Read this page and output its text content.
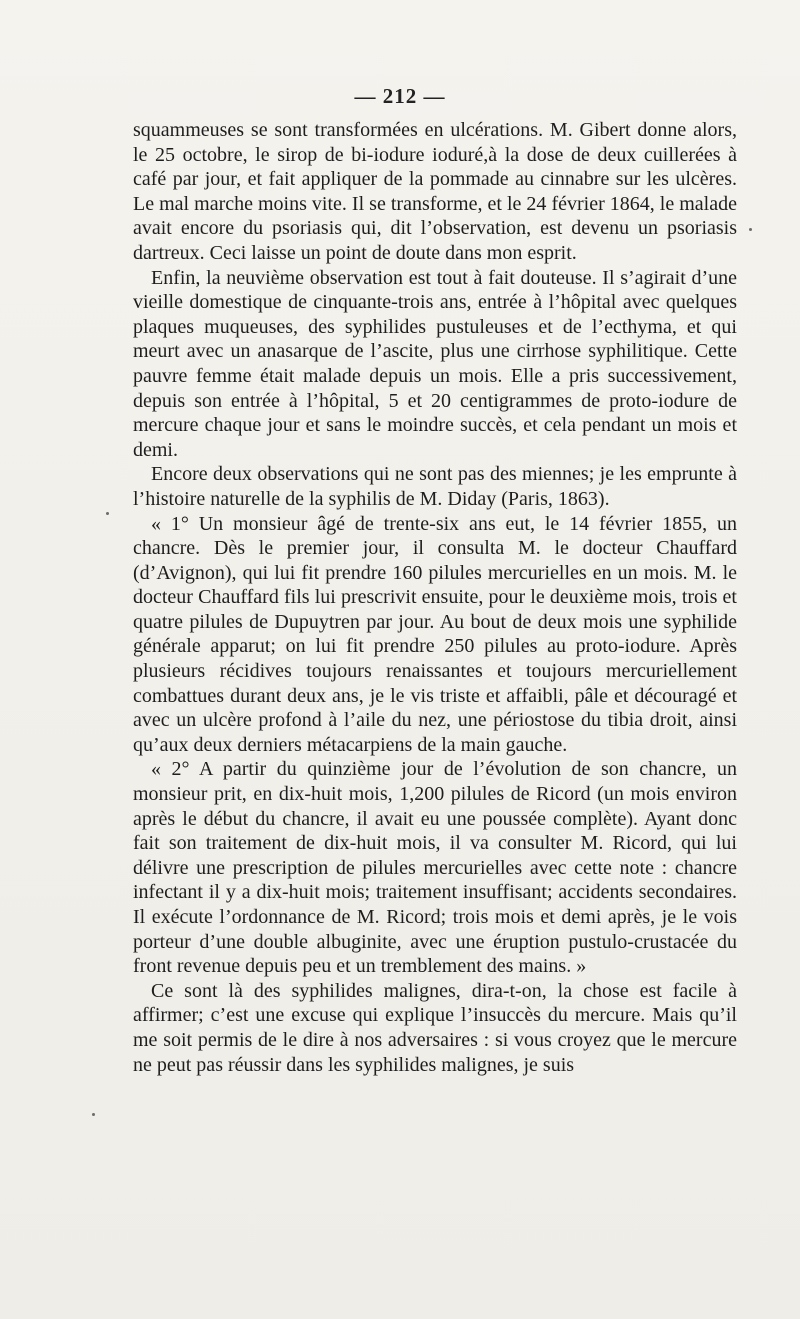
— 212 —

squammeuses se sont transformées en ulcérations. M. Gibert donne alors, le 25 octobre, le sirop de bi-iodure ioduré,à la dose de deux cuillerées à café par jour, et fait appliquer de la pommade au cinnabre sur les ulcères. Le mal marche moins vite. Il se transforme, et le 24 février 1864, le malade avait encore du psoriasis qui, dit l’observation, est devenu un psoriasis dartreux. Ceci laisse un point de doute dans mon esprit.

Enfin, la neuvième observation est tout à fait douteuse. Il s’agirait d’une vieille domestique de cinquante-trois ans, entrée à l’hôpital avec quelques plaques muqueuses, des syphilides pustuleuses et de l’ecthyma, et qui meurt avec un anasarque de l’ascite, plus une cirrhose syphilitique. Cette pauvre femme était malade depuis un mois. Elle a pris successivement, depuis son entrée à l’hôpital, 5 et 20 centigrammes de proto-iodure de mercure chaque jour et sans le moindre succès, et cela pendant un mois et demi.

Encore deux observations qui ne sont pas des miennes; je les emprunte à l’histoire naturelle de la syphilis de M. Diday (Paris, 1863).

« 1° Un monsieur âgé de trente-six ans eut, le 14 février 1855, un chancre. Dès le premier jour, il consulta M. le docteur Chauffard (d’Avignon), qui lui fit prendre 160 pilules mercurielles en un mois. M. le docteur Chauffard fils lui prescrivit ensuite, pour le deuxième mois, trois et quatre pilules de Dupuytren par jour. Au bout de deux mois une syphilide générale apparut; on lui fit prendre 250 pilules au proto-iodure. Après plusieurs récidives toujours renaissantes et toujours mercuriellement combattues durant deux ans, je le vis triste et affaibli, pâle et découragé et avec un ulcère profond à l’aile du nez, une périostose du tibia droit, ainsi qu’aux deux derniers métacarpiens de la main gauche.

« 2° A partir du quinzième jour de l’évolution de son chancre, un monsieur prit, en dix-huit mois, 1,200 pilules de Ricord (un mois environ après le début du chancre, il avait eu une poussée complète). Ayant donc fait son traitement de dix-huit mois, il va consulter M. Ricord, qui lui délivre une prescription de pilules mercurielles avec cette note : chancre infectant il y a dix-huit mois; traitement insuffisant; accidents secondaires. Il exécute l’ordonnance de M. Ricord; trois mois et demi après, je le vois porteur d’une double albuginite, avec une éruption pustulo-crustacée du front revenue depuis peu et un tremblement des mains. »

Ce sont là des syphilides malignes, dira-t-on, la chose est facile à affirmer; c’est une excuse qui explique l’insuccès du mercure. Mais qu’il me soit permis de le dire à nos adversaires : si vous croyez que le mercure ne peut pas réussir dans les syphilides malignes, je suis
